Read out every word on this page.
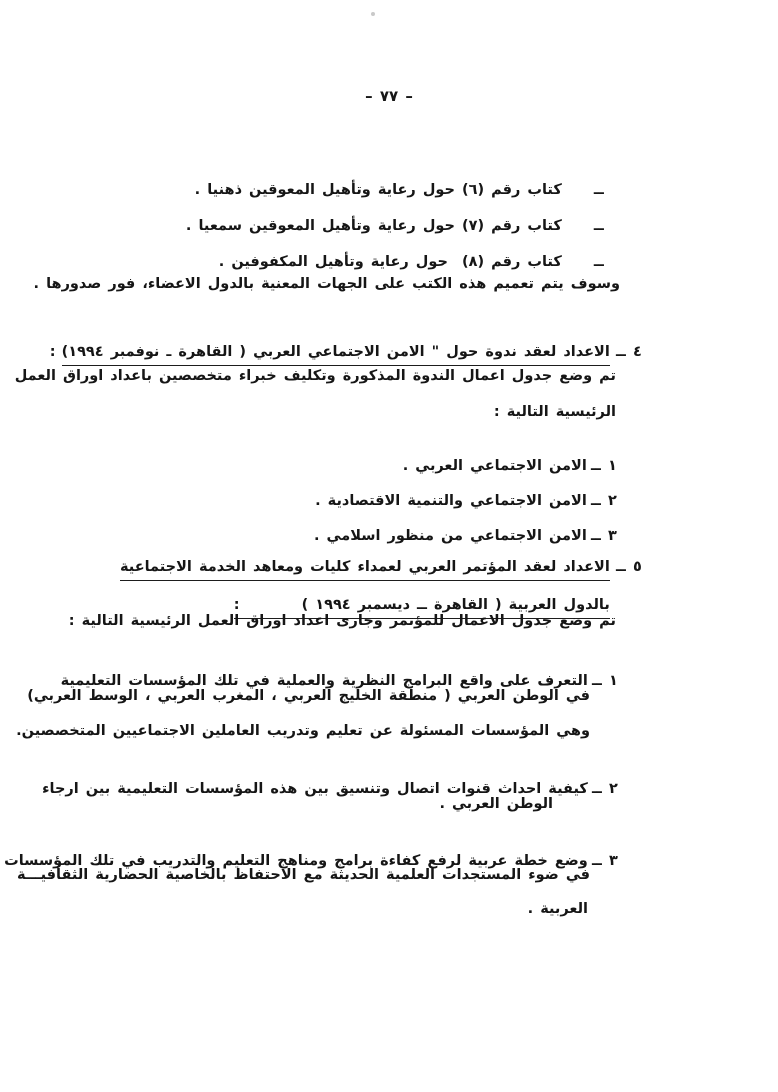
– ٧٧ –

ــكتاب رقم (٦) حول رعاية وتأهيل المعوقين ذهنيا .

ــكتاب رقم (٧) حول رعاية وتأهيل المعوقين سمعيا .

ــكتاب رقم (٨)  حول رعاية وتأهيل المكفوفين .

وسوف يتم تعميم هذه الكتب على الجهات المعنية بالدول الاعضاء، فور صدورها .

٤ ــالاعداد لعقد ندوة حول " الامن الاجتماعي العربي ( القاهرة ـ نوفمبر ١٩٩٤):

تم وضع جدول اعمال الندوة المذكورة وتكليف خبراء متخصصين باعداد اوراق العمل
الرئيسية التالية :

١ ــالامن الاجتماعي العربي .

٢ ــالامن الاجتماعي والتنمية الاقتصادية .

٣ ــالامن الاجتماعي من منظور اسلامي .

٥ ــالاعداد لعقد المؤتمر العربي لعمداء كليات ومعاهد الخدمة الاجتماعية

بالدول العربية ( القاهرة ــ ديسمبر ١٩٩٤ ):

تم وضع جدول الاعمال للمؤتمر وجارى اعداد اوراق العمل الرئيسية التالية :

١ ــالتعرف على واقع البرامج النظرية والعملية في تلك المؤسسات التعليمية

في الوطن العربي ( منطقة الخليج العربي ، المغرب العربي ، الوسط العربي)
وهي المؤسسات المسئولة عن تعليم وتدريب العاملين الاجتماعيين المتخصصين.

٢ ــكيفية احداث قنوات اتصال وتنسيق بين هذه المؤسسات التعليمية بين ارجاء

الوطن العربي .

٣ ــوضع خطة عربية لرفع كفاءة برامج ومناهج التعليم والتدريب في تلك المؤسسات

في ضوء المستجدات العلمية الحديثة مع الاحتفاظ بالخاصية الحضارية الثقافيـــة
العربية .
